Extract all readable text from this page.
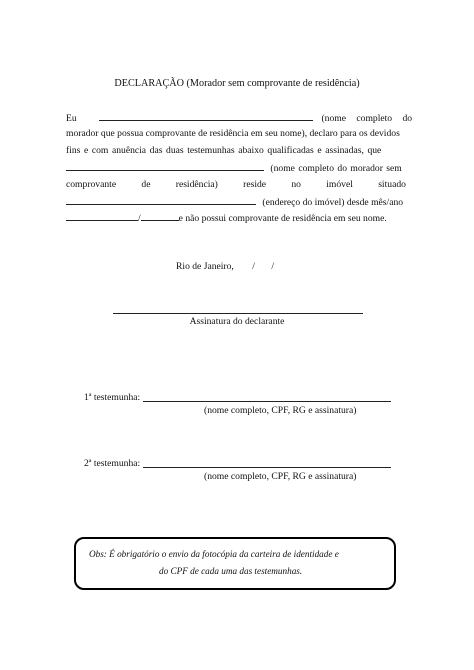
DECLARAÇÃO (Morador sem comprovante de residência)
Eu	(nome completo do
morador que possua comprovante de residência em seu nome), declaro para os devidos
fins e com anuência das duas testemunhas abaixo qualificadas e assinadas, que
(nome completo do morador sem
comprovante	de	residência)	reside	no	imóvel	situado
(endereço do imóvel) desde mês/ano
/	e não possui comprovante de residência em seu nome.
Rio de Janeiro, / /
Assinatura do declarante
1ª testemunha:
(nome completo, CPF, RG e assinatura)
2ª testemunha:
(nome completo, CPF, RG e assinatura)
Obs: É obrigatório o envio da fotocópia da carteira de identidade e
do CPF de cada uma das testemunhas.
